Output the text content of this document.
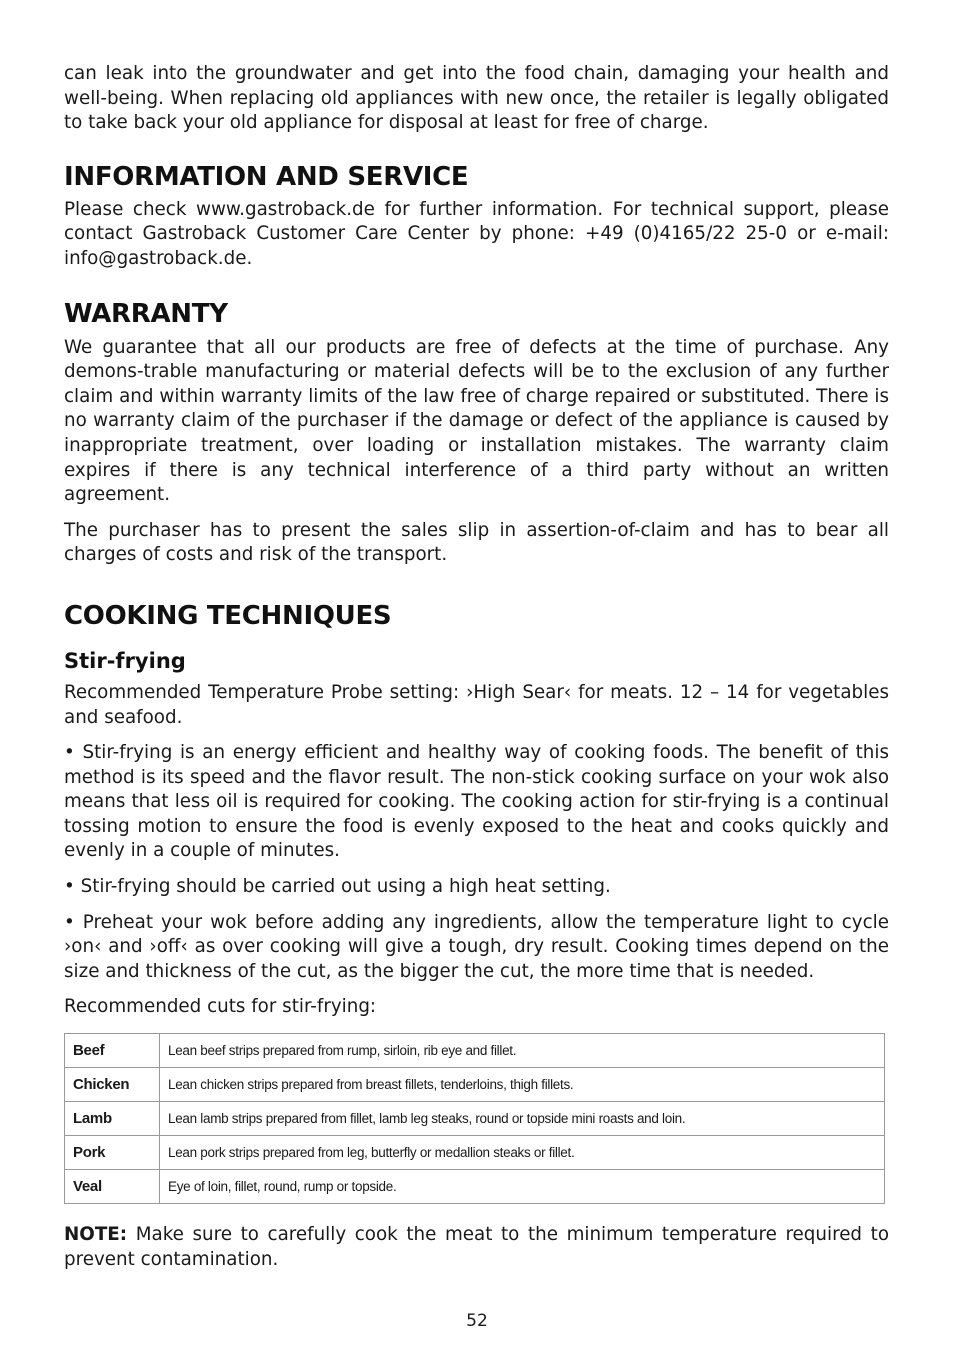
can leak into the groundwater and get into the food chain, damaging your health and well-being. When replacing old appliances with new once, the retailer is legally obligated to take back your old appliance for disposal at least for free of charge.

INFORMATION AND SERVICE

Please check www.gastroback.de for further information. For technical support, please contact Gastroback Customer Care Center by phone: +49 (0)4165/22 25-0 or e-mail: info@gastroback.de.

WARRANTY

We guarantee that all our products are free of defects at the time of purchase. Any demons-trable manufacturing or material defects will be to the exclusion of any further claim and within warranty limits of the law free of charge repaired or substituted. There is no warranty claim of the purchaser if the damage or defect of the appliance is caused by inappropriate treatment, over loading or installation mistakes. The warranty claim expires if there is any technical interference of a third party without an written agreement.

The purchaser has to present the sales slip in assertion-of-claim and has to bear all charges of costs and risk of the transport.

COOKING TECHNIQUES
Stir-frying

Recommended Temperature Probe setting: ›High Sear‹ for meats. 12 – 14 for vegetables and seafood.

• Stir-frying is an energy efficient and healthy way of cooking foods. The benefit of this method is its speed and the flavor result. The non-stick cooking surface on your wok also means that less oil is required for cooking. The cooking action for stir-frying is a continual tossing motion to ensure the food is evenly exposed to the heat and cooks quickly and evenly in a couple of minutes.

• Stir-frying should be carried out using a high heat setting.

• Preheat your wok before adding any ingredients, allow the temperature light to cycle ›on‹ and ›off‹ as over cooking will give a tough, dry result. Cooking times depend on the size and thickness of the cut, as the bigger the cut, the more time that is needed.

Recommended cuts for stir-frying:

Beef	Lean beef strips prepared from rump, sirloin, rib eye and fillet.
Chicken	Lean chicken strips prepared from breast fillets, tenderloins, thigh fillets.
Lamb	Lean lamb strips prepared from fillet, lamb leg steaks, round or topside mini roasts and loin.
Pork	Lean pork strips prepared from leg, butterfly or medallion steaks or fillet.
Veal	Eye of loin, fillet, round, rump or topside.

NOTE: Make sure to carefully cook the meat to the minimum temperature required to prevent contamination.

52
